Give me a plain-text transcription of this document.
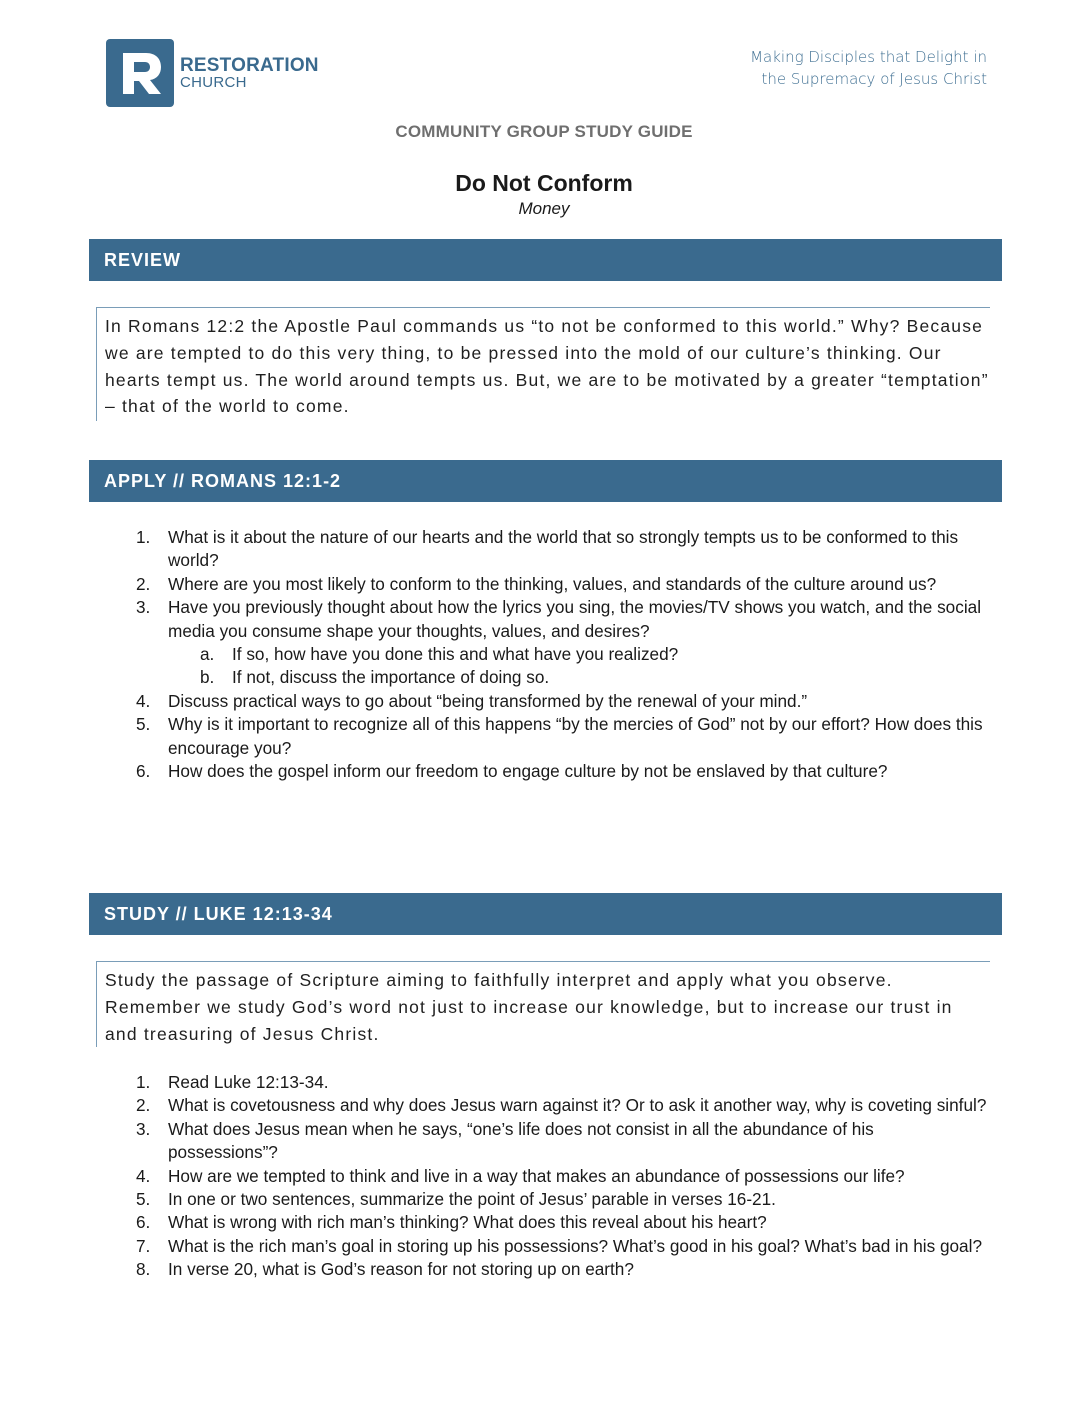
RESTORATION
CHURCH
Making Disciples that Delight in
the Supremacy of Jesus Christ
COMMUNITY GROUP STUDY GUIDE
Do Not Conform
Money
REVIEW

In Romans 12:2 the Apostle Paul commands us “to not be conformed to this world.” Why? Because we are tempted to do this very thing, to be pressed into the mold of our culture’s thinking. Our hearts tempt us. The world around tempts us. But, we are to be motivated by a greater “temptation” – that of the world to come.

APPLY // ROMANS 12:1-2
1. What is it about the nature of our hearts and the world that so strongly tempts us to be conformed to this world?
2. Where are you most likely to conform to the thinking, values, and standards of the culture around us?
3. Have you previously thought about how the lyrics you sing, the movies/TV shows you watch, and the social media you consume shape your thoughts, values, and desires?
a. If so, how have you done this and what have you realized?
b. If not, discuss the importance of doing so.
4. Discuss practical ways to go about “being transformed by the renewal of your mind.”
5. Why is it important to recognize all of this happens “by the mercies of God” not by our effort? How does this encourage you?
6. How does the gospel inform our freedom to engage culture by not be enslaved by that culture?
STUDY // LUKE 12:13-34

Study the passage of Scripture aiming to faithfully interpret and apply what you observe. Remember we study God’s word not just to increase our knowledge, but to increase our trust in and treasuring of Jesus Christ.

1. Read Luke 12:13-34.
2. What is covetousness and why does Jesus warn against it? Or to ask it another way, why is coveting sinful?
3. What does Jesus mean when he says, “one’s life does not consist in all the abundance of his possessions”?
4. How are we tempted to think and live in a way that makes an abundance of possessions our life?
5. In one or two sentences, summarize the point of Jesus’ parable in verses 16-21.
6. What is wrong with rich man’s thinking? What does this reveal about his heart?
7. What is the rich man’s goal in storing up his possessions? What’s good in his goal? What’s bad in his goal?
8. In verse 20, what is God’s reason for not storing up on earth?
